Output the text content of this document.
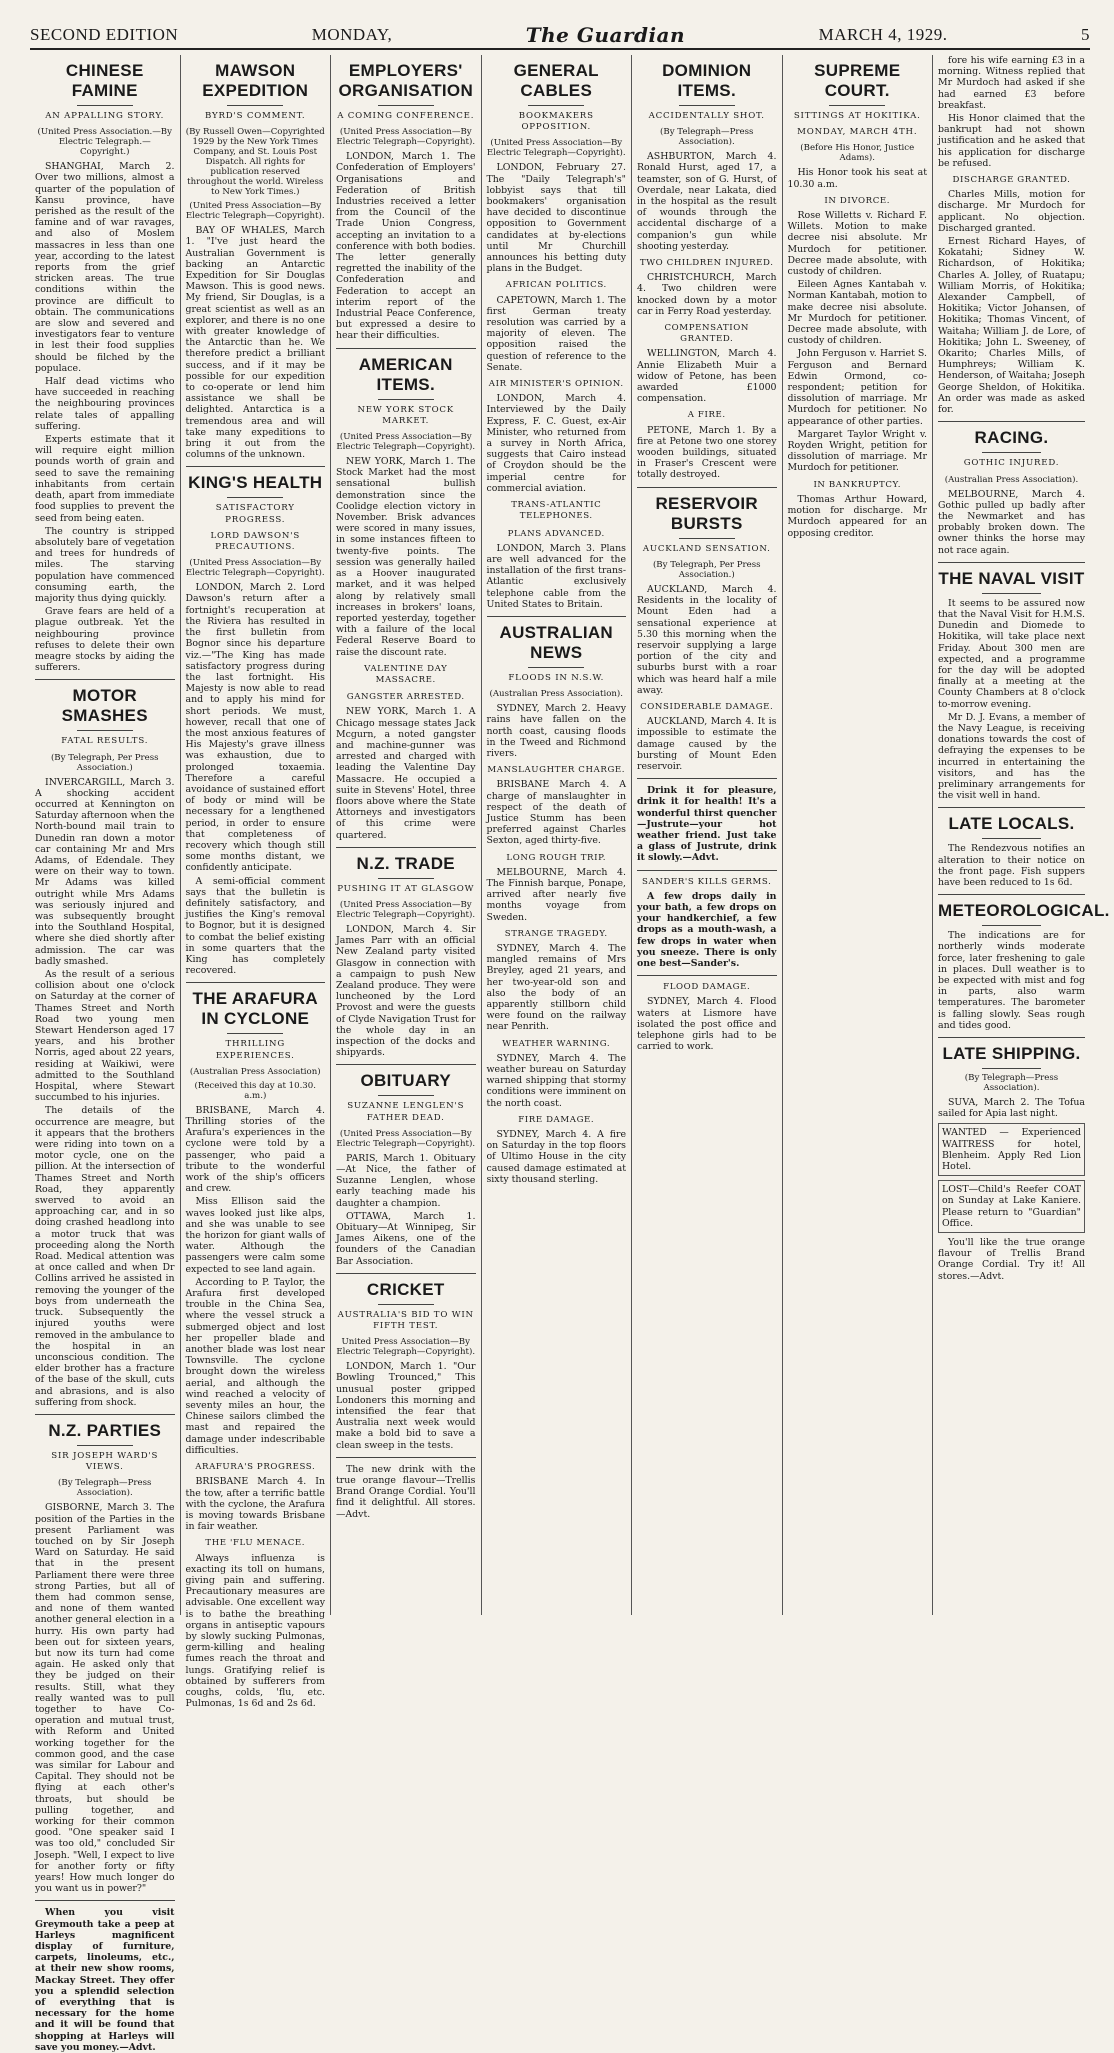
SECOND EDITION	MONDAY,	The Guardian	MARCH 4, 1929.	5
CHINESE FAMINE
AN APPALLING STORY.
(United Press Association.—By Electric Telegraph.—Copyright.)

SHANGHAI, March 2. Over two millions, almost a quarter of the population of Kansu province, have perished as the result of the famine and of war ravages, and also of Moslem massacres in less than one year, according to the latest reports from the grief stricken areas. The true conditions within the province are difficult to obtain. The communications are slow and severed and investigators fear to venture in lest their food supplies should be filched by the populace.

Half dead victims who have succeeded in reaching the neighbouring provinces relate tales of appalling suffering.

Experts estimate that it will require eight million pounds worth of grain and seed to save the remaining inhabitants from certain death, apart from immediate food supplies to prevent the seed from being eaten.

The country is stripped absolutely bare of vegetation and trees for hundreds of miles. The starving population have commenced consuming earth, the majority thus dying quickly.

Grave fears are held of a plague outbreak. Yet the neighbouring province refuses to delete their own meagre stocks by aiding the sufferers.

MOTOR SMASHES
FATAL RESULTS.
(By Telegraph, Per Press Association.)

INVERCARGILL, March 3. A shocking accident occurred at Kennington on Saturday afternoon when the North-bound mail train to Dunedin ran down a motor car containing Mr and Mrs Adams, of Edendale. They were on their way to town. Mr Adams was killed outright while Mrs Adams was seriously injured and was subsequently brought into the Southland Hospital, where she died shortly after admission. The car was badly smashed.

As the result of a serious collision about one o'clock on Saturday at the corner of Thames Street and North Road two young men Stewart Henderson aged 17 years, and his brother Norris, aged about 22 years, residing at Waikiwi, were admitted to the Southland Hospital, where Stewart succumbed to his injuries.

The details of the occurrence are meagre, but it appears that the brothers were riding into town on a motor cycle, one on the pillion. At the intersection of Thames Street and North Road, they apparently swerved to avoid an approaching car, and in so doing crashed headlong into a motor truck that was proceeding along the North Road. Medical attention was at once called and when Dr Collins arrived he assisted in removing the younger of the boys from underneath the truck. Subsequently the injured youths were removed in the ambulance to the hospital in an unconscious condition. The elder brother has a fracture of the base of the skull, cuts and abrasions, and is also suffering from shock.

N.Z. PARTIES
SIR JOSEPH WARD'S VIEWS.
(By Telegraph—Press Association).

GISBORNE, March 3. The position of the Parties in the present Parliament was touched on by Sir Joseph Ward on Saturday. He said that in the present Parliament there were three strong Parties, but all of them had common sense, and none of them wanted another general election in a hurry. His own party had been out for sixteen years, but now its turn had come again. He asked only that they be judged on their results. Still, what they really wanted was to pull together to have Co-operation and mutual trust, with Reform and United working together for the common good, and the case was similar for Labour and Capital. They should not be flying at each other's throats, but should be pulling together, and working for their common good. "One speaker said I was too old," concluded Sir Joseph. "Well, I expect to live for another forty or fifty years! How much longer do you want us in power?"

When you visit Greymouth take a peep at Harleys magnificent display of furniture, carpets, linoleums, etc., at their new show rooms, Mackay Street. They offer you a splendid selection of everything that is necessary for the home and it will be found that shopping at Harleys will save you money.—Advt.

MAWSON EXPEDITION
BYRD'S COMMENT.
(By Russell Owen—Copyrighted 1929 by the New York Times Company, and St. Louis Post Dispatch. All rights for publication reserved throughout the world. Wireless to New York Times.)
(United Press Association—By Electric Telegraph—Copyright).

BAY OF WHALES, March 1. "I've just heard the Australian Government is backing an Antarctic Expedition for Sir Douglas Mawson. This is good news. My friend, Sir Douglas, is a great scientist as well as an explorer, and there is no one with greater knowledge of the Antarctic than he. We therefore predict a brilliant success, and if it may be possible for our expedition to co-operate or lend him assistance we shall be delighted. Antarctica is a tremendous area and will take many expeditions to bring it out from the columns of the unknown.

KING'S HEALTH
SATISFACTORY PROGRESS.
LORD DAWSON'S PRECAUTIONS.
(United Press Association—By Electric Telegraph—Copyright).

LONDON, March 2. Lord Dawson's return after a fortnight's recuperation at the Riviera has resulted in the first bulletin from Bognor since his departure viz.—"The King has made satisfactory progress during the last fortnight. His Majesty is now able to read and to apply his mind for short periods. We must, however, recall that one of the most anxious features of His Majesty's grave illness was exhaustion, due to prolonged toxaemia. Therefore a careful avoidance of sustained effort of body or mind will be necessary for a lengthened period, in order to ensure that completeness of recovery which though still some months distant, we confidently anticipate.

A semi-official comment says that the bulletin is definitely satisfactory, and justifies the King's removal to Bognor, but it is designed to combat the belief existing in some quarters that the King has completely recovered.

THE ARAFURA IN CYCLONE
THRILLING EXPERIENCES.
(Australian Press Association)
(Received this day at 10.30. a.m.)

BRISBANE, March 4. Thrilling stories of the Arafura's experiences in the cyclone were told by a passenger, who paid a tribute to the wonderful work of the ship's officers and crew.

Miss Ellison said the waves looked just like alps, and she was unable to see the horizon for giant walls of water. Although the passengers were calm some expected to see land again.

According to P. Taylor, the Arafura first developed trouble in the China Sea, where the vessel struck a submerged object and lost her propeller blade and another blade was lost near Townsville. The cyclone brought down the wireless aerial, and although the wind reached a velocity of seventy miles an hour, the Chinese sailors climbed the mast and repaired the damage under indescribable difficulties.

ARAFURA'S PROGRESS.

BRISBANE March 4. In the tow, after a terrific battle with the cyclone, the Arafura is moving towards Brisbane in fair weather.

THE 'FLU MENACE.

Always influenza is exacting its toll on humans, giving pain and suffering. Precautionary measures are advisable. One excellent way is to bathe the breathing organs in antiseptic vapours by slowly sucking Pulmonas, germ-killing and healing fumes reach the throat and lungs. Gratifying relief is obtained by sufferers from coughs, colds, 'flu, etc. Pulmonas, 1s 6d and 2s 6d.

EMPLOYERS' ORGANISATION
A COMING CONFERENCE.
(United Press Association—By Electric Telegraph—Copyright).

LONDON, March 1. The Confederation of Employers' Organisations and Federation of British Industries received a letter from the Council of the Trade Union Congress, accepting an invitation to a conference with both bodies. The letter generally regretted the inability of the Confederation and Federation to accept an interim report of the Industrial Peace Conference, but expressed a desire to hear their difficulties.

AMERICAN ITEMS.
NEW YORK STOCK MARKET.
(United Press Association—By Electric Telegraph—Copyright).

NEW YORK, March 1. The Stock Market had the most sensational bullish demonstration since the Coolidge election victory in November. Brisk advances were scored in many issues, in some instances fifteen to twenty-five points. The session was generally hailed as a Hoover inaugurated market, and it was helped along by relatively small increases in brokers' loans, reported yesterday, together with a failure of the local Federal Reserve Board to raise the discount rate.

VALENTINE DAY MASSACRE.
GANGSTER ARRESTED.

NEW YORK, March 1. A Chicago message states Jack Mcgurn, a noted gangster and machine-gunner was arrested and charged with leading the Valentine Day Massacre. He occupied a suite in Stevens' Hotel, three floors above where the State Attorneys and investigators of this crime were quartered.

N.Z. TRADE
PUSHING IT AT GLASGOW
(United Press Association—By Electric Telegraph—Copyright).

LONDON, March 4. Sir James Parr with an official New Zealand party visited Glasgow in connection with a campaign to push New Zealand produce. They were luncheoned by the Lord Provost and were the guests of Clyde Navigation Trust for the whole day in an inspection of the docks and shipyards.

OBITUARY
SUZANNE LENGLEN'S FATHER DEAD.
(United Press Association—By Electric Telegraph—Copyright).

PARIS, March 1. Obituary—At Nice, the father of Suzanne Lenglen, whose early teaching made his daughter a champion.

OTTAWA, March 1. Obituary—At Winnipeg, Sir James Aikens, one of the founders of the Canadian Bar Association.

CRICKET
AUSTRALIA'S BID TO WIN FIFTH TEST.
United Press Association—By Electric Telegraph—Copyright).

LONDON, March 1. "Our Bowling Trounced," This unusual poster gripped Londoners this morning and intensified the fear that Australia next week would make a bold bid to save a clean sweep in the tests.

The new drink with the true orange flavour—Trellis Brand Orange Cordial. You'll find it delightful. All stores.—Advt.

GENERAL CABLES
BOOKMAKERS OPPOSITION.
(United Press Association—By Electric Telegraph—Copyright).

LONDON, February 27. The "Daily Telegraph's" lobbyist says that till bookmakers' organisation have decided to discontinue opposition to Government candidates at by-elections until Mr Churchill announces his betting duty plans in the Budget.

AFRICAN POLITICS.

CAPETOWN, March 1. The first German treaty resolution was carried by a majority of eleven. The opposition raised the question of reference to the Senate.

AIR MINISTER'S OPINION.

LONDON, March 4. Interviewed by the Daily Express, F. C. Guest, ex-Air Minister, who returned from a survey in North Africa, suggests that Cairo instead of Croydon should be the imperial centre for commercial aviation.

TRANS-ATLANTIC TELEPHONES.
PLANS ADVANCED.

LONDON, March 3. Plans are well advanced for the installation of the first trans-Atlantic exclusively telephone cable from the United States to Britain.

AUSTRALIAN NEWS
FLOODS IN N.S.W.
(Australian Press Association).

SYDNEY, March 2. Heavy rains have fallen on the north coast, causing floods in the Tweed and Richmond rivers.

MANSLAUGHTER CHARGE.

BRISBANE March 4. A charge of manslaughter in respect of the death of Justice Stumm has been preferred against Charles Sexton, aged thirty-five.

LONG ROUGH TRIP.

MELBOURNE, March 4. The Finnish barque, Ponape, arrived after nearly five months voyage from Sweden.

STRANGE TRAGEDY.

SYDNEY, March 4. The mangled remains of Mrs Breyley, aged 21 years, and her two-year-old son and also the body of an apparently stillborn child were found on the railway near Penrith.

WEATHER WARNING.

SYDNEY, March 4. The weather bureau on Saturday warned shipping that stormy conditions were imminent on the north coast.

FIRE DAMAGE.

SYDNEY, March 4. A fire on Saturday in the top floors of Ultimo House in the city caused damage estimated at sixty thousand sterling.

DOMINION ITEMS.
ACCIDENTALLY SHOT.
(By Telegraph—Press Association).

ASHBURTON, March 4. Ronald Hurst, aged 17, a teamster, son of G. Hurst, of Overdale, near Lakata, died in the hospital as the result of wounds through the accidental discharge of a companion's gun while shooting yesterday.

TWO CHILDREN INJURED.

CHRISTCHURCH, March 4. Two children were knocked down by a motor car in Ferry Road yesterday.

COMPENSATION GRANTED.

WELLINGTON, March 4. Annie Elizabeth Muir a widow of Petone, has been awarded £1000 compensation.

A FIRE.

PETONE, March 1. By a fire at Petone two one storey wooden buildings, situated in Fraser's Crescent were totally destroyed.

RESERVOIR BURSTS
AUCKLAND SENSATION.
(By Telegraph, Per Press Association.)

AUCKLAND, March 4. Residents in the locality of Mount Eden had a sensational experience at 5.30 this morning when the reservoir supplying a large portion of the city and suburbs burst with a roar which was heard half a mile away.

CONSIDERABLE DAMAGE.

AUCKLAND, March 4. It is impossible to estimate the damage caused by the bursting of Mount Eden reservoir.

Drink it for pleasure, drink it for health! It's a wonderful thirst quencher—Justrute—your hot weather friend. Just take a glass of Justrute, drink it slowly.—Advt.

SANDER'S KILLS GERMS.

A few drops daily in your bath, a few drops on your handkerchief, a few drops as a mouth-wash, a few drops in water when you sneeze. There is only one best—Sander's.

FLOOD DAMAGE.

SYDNEY, March 4. Flood waters at Lismore have isolated the post office and telephone girls had to be carried to work.

SUPREME COURT.
SITTINGS AT HOKITIKA.
MONDAY, MARCH 4TH.
(Before His Honor, Justice Adams).

His Honor took his seat at 10.30 a.m.

IN DIVORCE.

Rose Willetts v. Richard F. Willets. Motion to make decree nisi absolute. Mr Murdoch for petitioner. Decree made absolute, with custody of children.

Eileen Agnes Kantabah v. Norman Kantabah, motion to make decree nisi absolute. Mr Murdoch for petitioner. Decree made absolute, with custody of children.

John Ferguson v. Harriet S. Ferguson and Bernard Edwin Ormond, co-respondent; petition for dissolution of marriage. Mr Murdoch for petitioner. No appearance of other parties.

Margaret Taylor Wright v. Royden Wright, petition for dissolution of marriage. Mr Murdoch for petitioner.

IN BANKRUPTCY.

Thomas Arthur Howard, motion for discharge. Mr Murdoch appeared for an opposing creditor.

fore his wife earning £3 in a morning. Witness replied that Mr Murdoch had asked if she had earned £3 before breakfast.

His Honor claimed that the bankrupt had not shown justification and he asked that his application for discharge be refused.

DISCHARGE GRANTED.

Charles Mills, motion for discharge. Mr Murdoch for applicant. No objection. Discharged granted.

Ernest Richard Hayes, of Kokatahi; Sidney W. Richardson, of Hokitika; Charles A. Jolley, of Ruatapu; William Morris, of Hokitika; Alexander Campbell, of Hokitika; Victor Johansen, of Hokitika; Thomas Vincent, of Waitaha; William J. de Lore, of Hokitika; John L. Sweeney, of Okarito; Charles Mills, of Humphreys; William K. Henderson, of Waitaha; Joseph George Sheldon, of Hokitika. An order was made as asked for.

RACING.
GOTHIC INJURED.
(Australian Press Association).

MELBOURNE, March 4. Gothic pulled up badly after the Newmarket and has probably broken down. The owner thinks the horse may not race again.

THE NAVAL VISIT

It seems to be assured now that the Naval Visit for H.M.S. Dunedin and Diomede to Hokitika, will take place next Friday. About 300 men are expected, and a programme for the day will be adopted finally at a meeting at the County Chambers at 8 o'clock to-morrow evening.

Mr D. J. Evans, a member of the Navy League, is receiving donations towards the cost of defraying the expenses to be incurred in entertaining the visitors, and has the preliminary arrangements for the visit well in hand.

LATE LOCALS.

The Rendezvous notifies an alteration to their notice on the front page. Fish suppers have been reduced to 1s 6d.

METEOROLOGICAL.

The indications are for northerly winds moderate force, later freshening to gale in places. Dull weather is to be expected with mist and fog in parts, also warm temperatures. The barometer is falling slowly. Seas rough and tides good.

LATE SHIPPING.
(By Telegraph—Press Association).

SUVA, March 2. The Tofua sailed for Apia last night.

WANTED — Experienced WAITRESS for hotel, Blenheim. Apply Red Lion Hotel.
LOST—Child's Reefer COAT on Sunday at Lake Kaniere. Please return to "Guardian" Office.

You'll like the true orange flavour of Trellis Brand Orange Cordial. Try it! All stores.—Advt.
